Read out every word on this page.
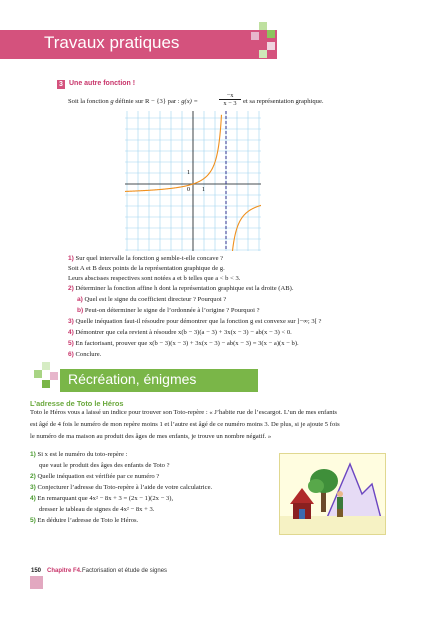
Travaux pratiques
3 Une autre fonction !
Soit la fonction g définie sur R − {3} par : g(x) =	$\frac{-x}{x - 3}$ et sa représentation graphique.
0 1
1
1) Sur quel intervalle la fonction g semble-t-elle concave ?
Soit A et B deux points de la représentation graphique de g.
Leurs abscisses respectives sont notées a et b telles que a < b < 3.
2) Déterminer la fonction affine h dont la représentation graphique est la droite (AB).
a) Quel est le signe du coefficient directeur ? Pourquoi ?
b) Peut-on déterminer le signe de l’ordonnée à l’origine ? Pourquoi ?
3) Quelle inéquation faut-il résoudre pour démontrer que la fonction g est convexe sur ]−∞; 3[ ?
4) Démontrer que cela revient à résoudre x(b − 3)(a − 3) + 3x(x − 3) − ab(x − 3) < 0.
5) En factorisant, prouver que x(b − 3)(x − 3) + 3x(x − 3) − ab(x − 3) = 3(x − a)(x − b).
6) Conclure.
Récréation, énigmes
L’adresse de Toto le Héros
Toto le Héros vous a laissé un indice pour trouver son Toto-repère : « J’habite rue de l’escargot. L’un de mes enfants
est âgé de 4 fois le numéro de mon repère moins 1 et l’autre est âgé de ce numéro moins 3. De plus, si je ajoute 5 fois
le numéro de ma maison au produit des âges de mes enfants, je trouve un nombre négatif. »
1) Si x est le numéro du toto-repère :
que vaut le produit des âges des enfants de Toto ?
2) Quelle inéquation est vérifiée par ce numéro ?
3) Conjecturer l’adresse du Toto-repère à l’aide de votre calculatrice.
4) En remarquant que 4x² − 8x + 3 = (2x − 1)(2x − 3),
dresser le tableau de signes de 4x² − 8x + 3.
5) En déduire l’adresse de Toto le Héros.
150 Chapitre F4. Factorisation et étude de signes
